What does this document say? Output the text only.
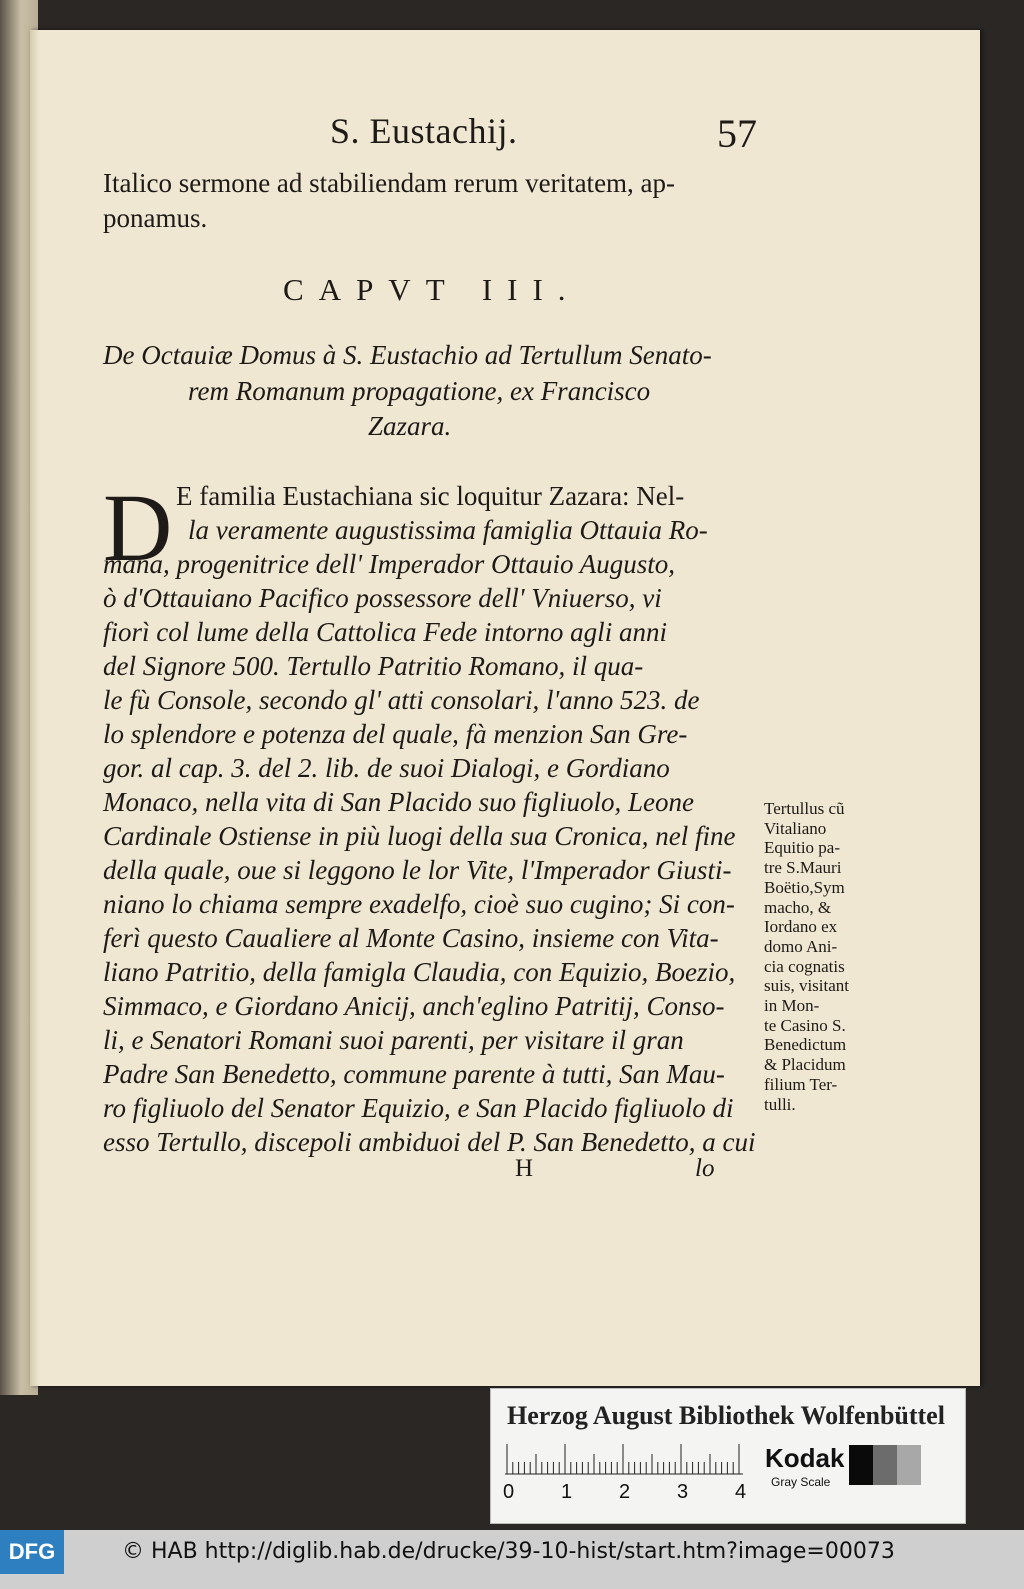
S. Eustachij.	57
Italico sermone ad stabiliendam rerum veritatem, ap-
ponamus.
CAPVT III.
De Octauiæ Domus à S. Eustachio ad Tertullum Senato-
rem Romanum propagatione, ex Francisco
Zazara.
D E familia Eustachiana sic loquitur Zazara: Nel-
la veramente augustissima famiglia Ottauia Ro-
mana, progenitrice dell' Imperador Ottauio Augusto,
ò d'Ottauiano Pacifico possessore dell' Vniuerso, vi
fiorì col lume della Cattolica Fede intorno agli anni
del Signore 500. Tertullo Patritio Romano, il qua-
le fù Console, secondo gl' atti consolari, l'anno 523. de
lo splendore e potenza del quale, fà menzion San Gre-
gor. al cap. 3. del 2. lib. de suoi Dialogi, e Gordiano
Monaco, nella vita di San Placido suo figliuolo, Leone
Cardinale Ostiense in più luogi della sua Cronica, nel fine
della quale, oue si leggono le lor Vite, l'Imperador Giusti-
niano lo chiama sempre exadelfo, cioè suo cugino; Si con-
ferì questo Caualiere al Monte Casino, insieme con Vita-
liano Patritio, della famigla Claudia, con Equizio, Boezio,
Simmaco, e Giordano Anicij, anch'eglino Patritij, Conso-
li, e Senatori Romani suoi parenti, per visitare il gran
Padre San Benedetto, commune parente à tutti, San Mau-
ro figliuolo del Senator Equizio, e San Placido figliuolo di
esso Tertullo, discepoli ambiduoi del P. San Benedetto, a cui
Tertullus cũ
Vitaliano
Equitio pa-
tre S.Mauri
Boëtio,Sym
macho, &
Iordano ex
domo Ani-
cia cognatis
suis, visitant
in Mon-
te Casino S.
Benedictum
& Placidum
filium Ter-
tulli.
H	lo
Herzog August Bibliothek Wolfenbüttel
0 1 2 3 4
Kodak
Gray Scale
DFG	© HAB http://diglib.hab.de/drucke/39-10-hist/start.htm?image=00073
